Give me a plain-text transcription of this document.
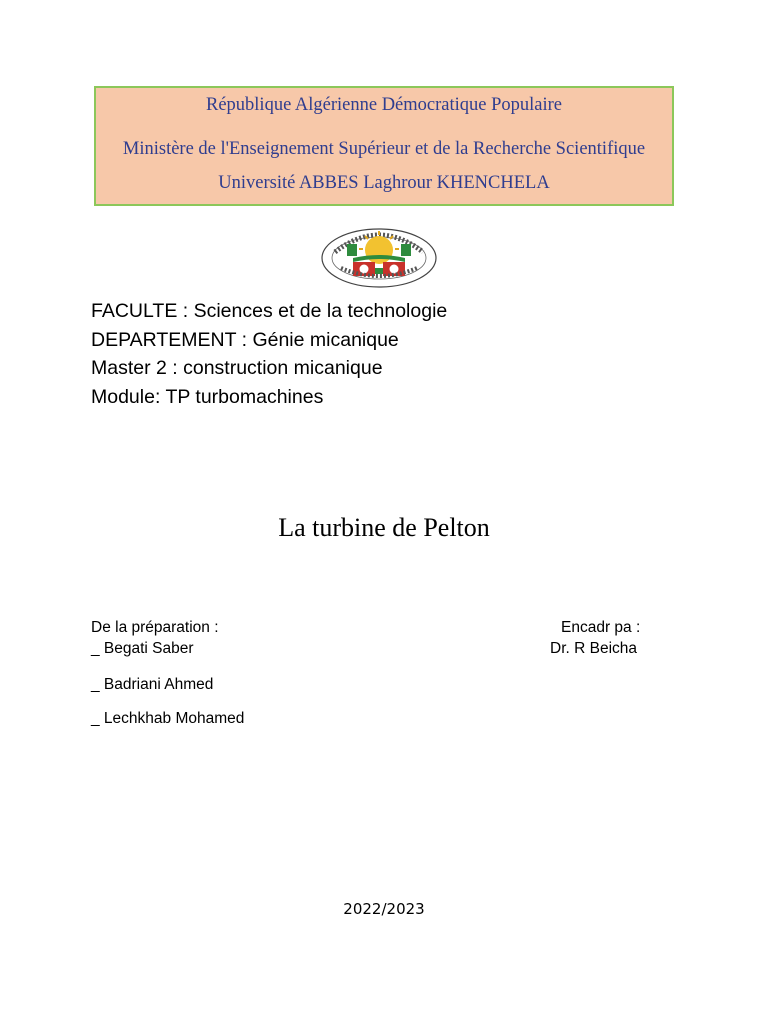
République Algérienne Démocratique Populaire
Ministère de l'Enseignement Supérieur et de la Recherche Scientifique
Université ABBES Laghrour KHENCHELA
FACULTE : Sciences et de la technologie
DEPARTEMENT : Génie micanique
Master 2 : construction micanique
Module: TP turbomachines
La turbine de Pelton
De la préparation :
_ Begati Saber
_ Badriani Ahmed
_ Lechkhab Mohamed
Encadr pa :
Dr. R Beicha
2022/2023
